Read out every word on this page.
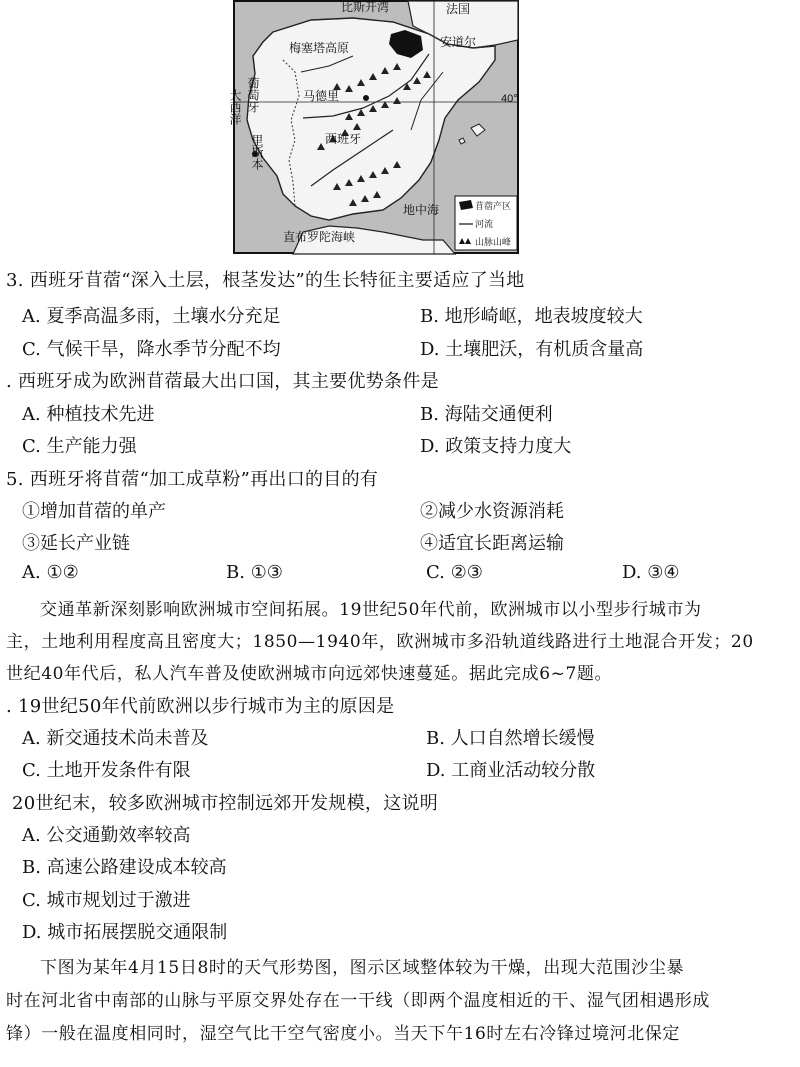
比斯开湾	法国
安道尔
梅塞塔高原
马德里
西班牙
地中海
直布罗陀海峡
40°
大西洋 葡萄牙
里斯本
苜蓿产区
河流
山脉山峰
3. 西班牙苜蓿“深入土层，根茎发达”的生长特征主要适应了当地
A. 夏季高温多雨，土壤水分充足	B. 地形崎岖，地表坡度较大
C. 气候干旱，降水季节分配不均	D. 土壤肥沃，有机质含量高
. 西班牙成为欧洲苜蓿最大出口国，其主要优势条件是
A. 种植技术先进	B. 海陆交通便利
C. 生产能力强	D. 政策支持力度大
5. 西班牙将苜蓿“加工成草粉”再出口的目的有
①增加苜蓿的单产	②减少水资源消耗
③延长产业链	④适宜长距离运输
A. ①②	B. ①③	C. ②③	D. ③④
交通革新深刻影响欧洲城市空间拓展。19世纪50年代前，欧洲城市以小型步行城市为
主，土地利用程度高且密度大；1850—1940年，欧洲城市多沿轨道线路进行土地混合开发；20
世纪40年代后，私人汽车普及使欧洲城市向远郊快速蔓延。据此完成6~7题。
. 19世纪50年代前欧洲以步行城市为主的原因是
A. 新交通技术尚未普及	B. 人口自然增长缓慢
C. 土地开发条件有限	D. 工商业活动较分散
20世纪末，较多欧洲城市控制远郊开发规模，这说明
A. 公交通勤效率较高
B. 高速公路建设成本较高
C. 城市规划过于激进
D. 城市拓展摆脱交通限制
下图为某年4月15日8时的天气形势图，图示区域整体较为干燥，出现大范围沙尘暴
时在河北省中南部的山脉与平原交界处存在一干线（即两个温度相近的干、湿气团相遇形成
锋）一般在温度相同时，湿空气比干空气密度小。当天下午16时左右冷锋过境河北保定
